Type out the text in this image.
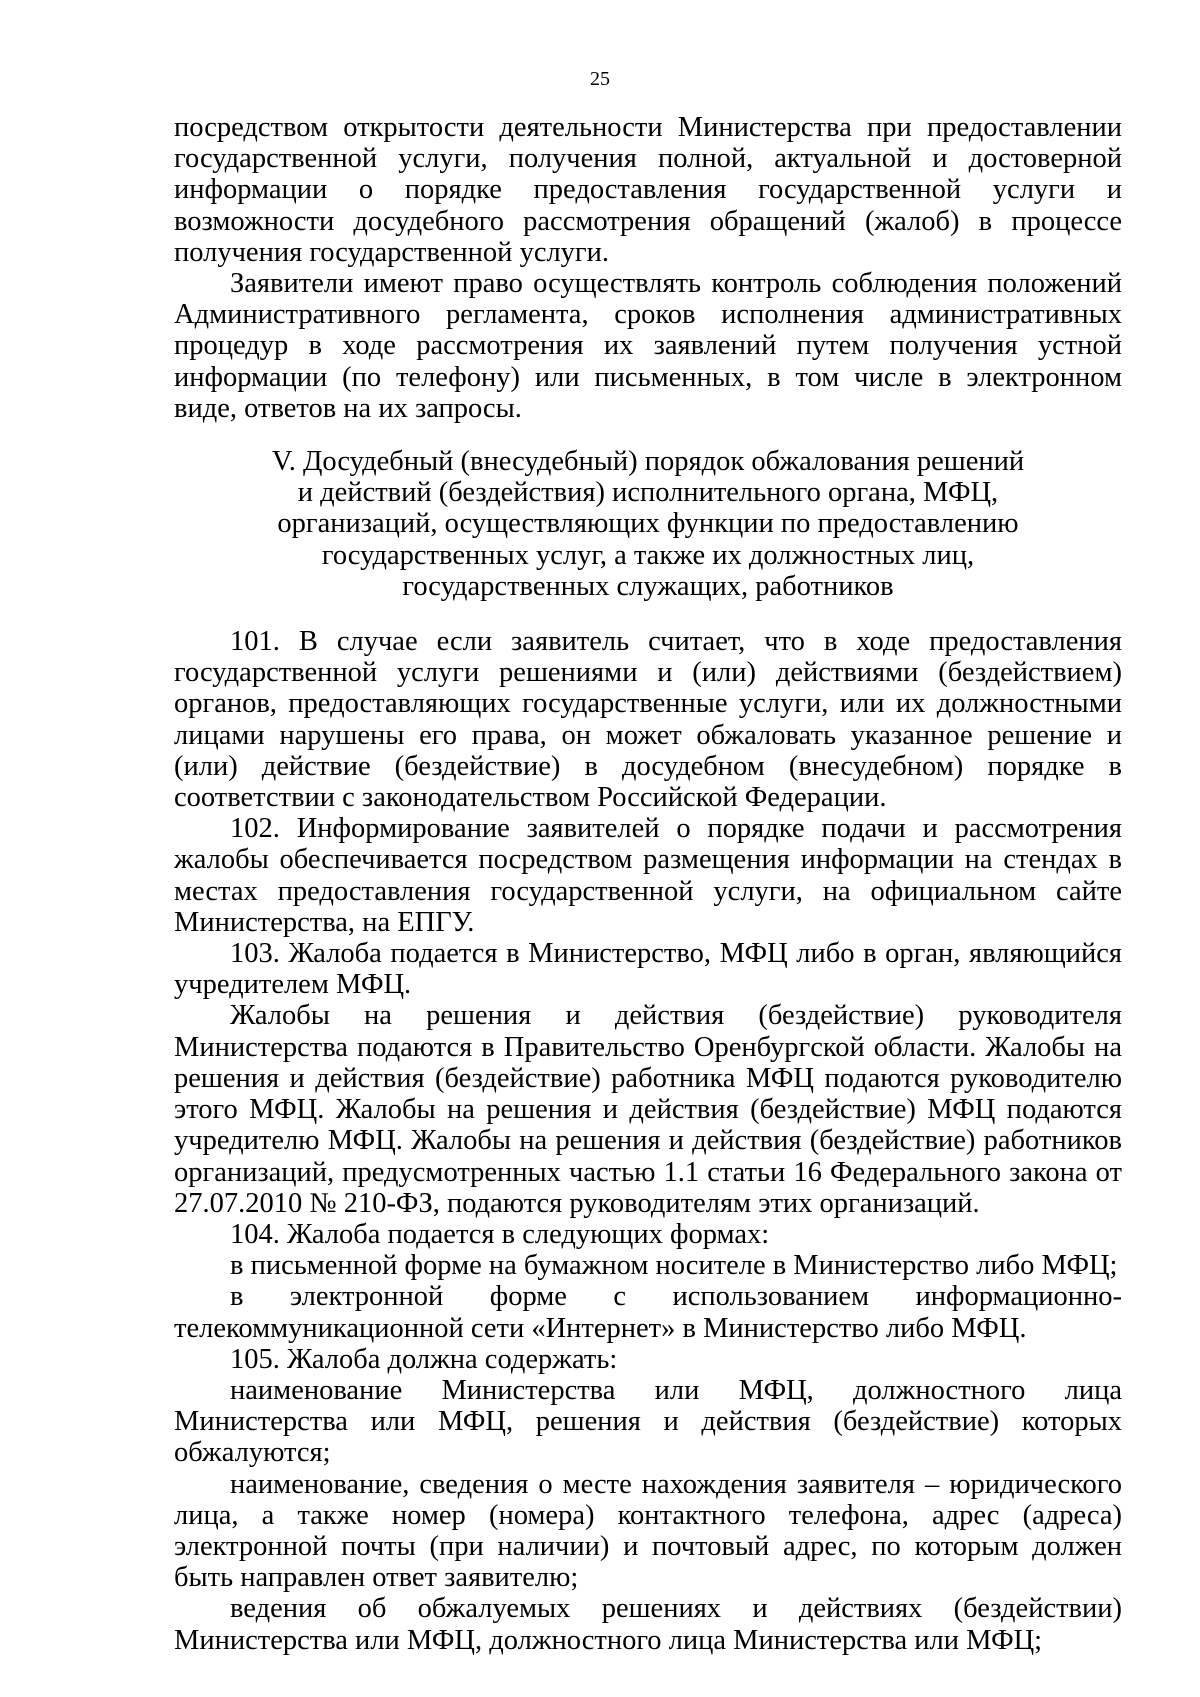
25

посредством открытости деятельности Министерства при предоставлении государственной услуги, получения полной, актуальной и достоверной информации о порядке предоставления государственной услуги и возможности досудебного рассмотрения обращений (жалоб) в процессе получения государственной услуги.

Заявители имеют право осуществлять контроль соблюдения положений Административного регламента, сроков исполнения административных процедур в ходе рассмотрения их заявлений путем получения устной информации (по телефону) или письменных, в том числе в электронном виде, ответов на их запросы.

V. Досудебный (внесудебный) порядок обжалования решений
и действий (бездействия) исполнительного органа, МФЦ,
организаций, осуществляющих функции по предоставлению
государственных услуг, а также их должностных лиц,
государственных служащих, работников

101. В случае если заявитель считает, что в ходе предоставления государственной услуги решениями и (или) действиями (бездействием) органов, предоставляющих государственные услуги, или их должностными лицами нарушены его права, он может обжаловать указанное решение и (или) действие (бездействие) в досудебном (внесудебном) порядке в соответствии с законодательством Российской Федерации.

102. Информирование заявителей о порядке подачи и рассмотрения жалобы обеспечивается посредством размещения информации на стендах в местах предоставления государственной услуги, на официальном сайте Министерства, на ЕПГУ.

103. Жалоба подается в Министерство, МФЦ либо в орган, являющийся учредителем МФЦ.

Жалобы на решения и действия (бездействие) руководителя Министерства подаются в Правительство Оренбургской области. Жалобы на решения и действия (бездействие) работника МФЦ подаются руководителю этого МФЦ. Жалобы на решения и действия (бездействие) МФЦ подаются учредителю МФЦ. Жалобы на решения и действия (бездействие) работников организаций, предусмотренных частью 1.1 статьи 16 Федерального закона от 27.07.2010 № 210-ФЗ, подаются руководителям этих организаций.

104. Жалоба подается в следующих формах:

в письменной форме на бумажном носителе в Министерство либо МФЦ;

в электронной форме с использованием информационно-телекоммуникационной сети «Интернет» в Министерство либо МФЦ.

105. Жалоба должна содержать:

наименование Министерства или МФЦ, должностного лица Министерства или МФЦ, решения и действия (бездействие) которых обжалуются;

наименование, сведения о месте нахождения заявителя – юридического лица, а также номер (номера) контактного телефона, адрес (адреса) электронной почты (при наличии) и почтовый адрес, по которым должен быть направлен ответ заявителю;

ведения об обжалуемых решениях и действиях (бездействии) Министерства или МФЦ, должностного лица Министерства или МФЦ;
